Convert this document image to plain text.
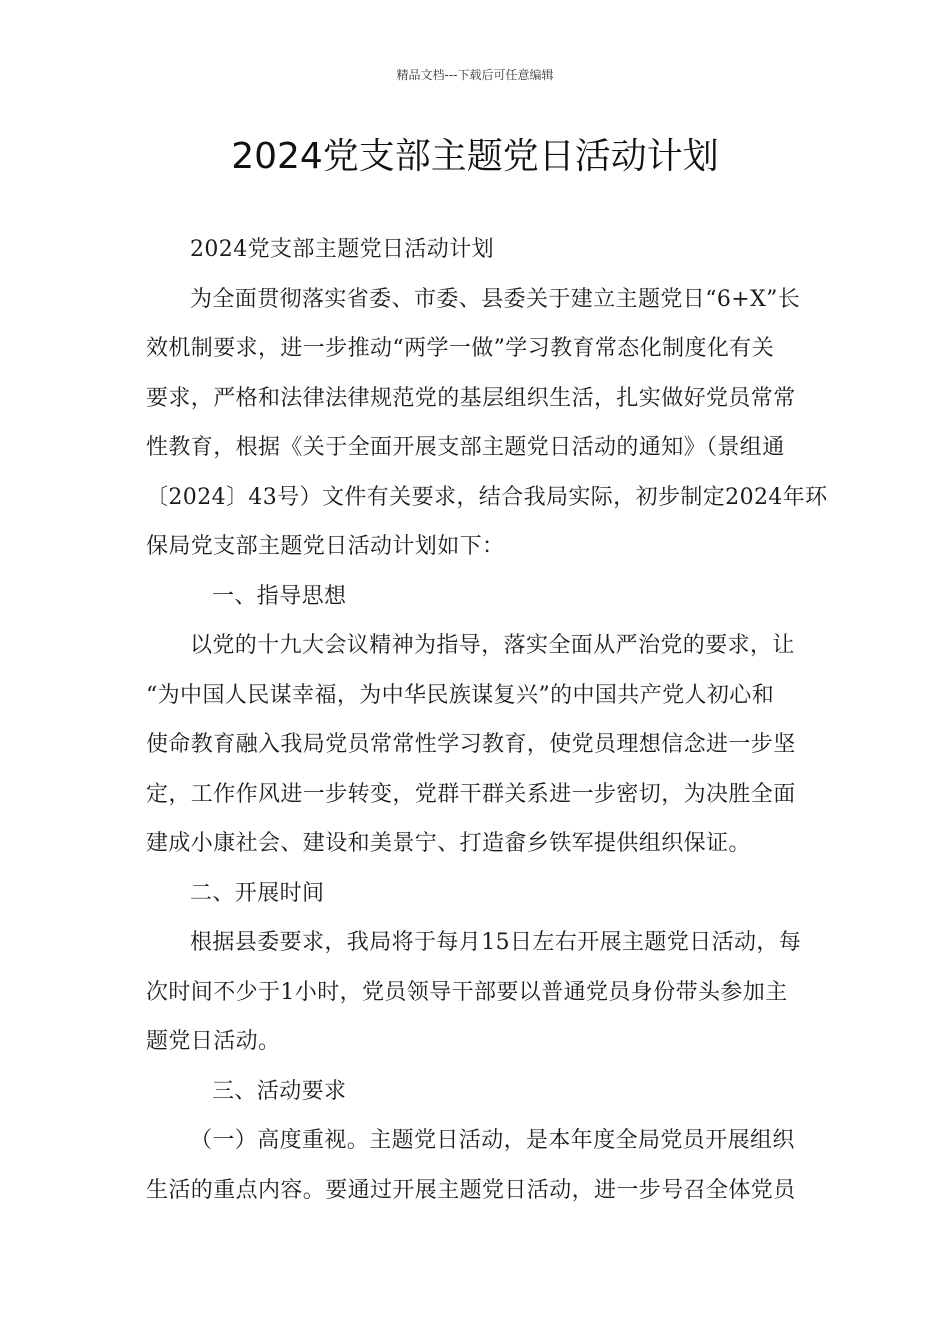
精品文档---下载后可任意编辑
2024党支部主题党日活动计划

2024党支部主题党日活动计划

为全面贯彻落实省委、市委、县委关于建立主题党日“6+X”长

效机制要求，进一步推动“两学一做”学习教育常态化制度化有关

要求，严格和法律法律规范党的基层组织生活，扎实做好党员常常

性教育，根据《关于全面开展支部主题党日活动的通知》（景组通

〔2024〕43号）文件有关要求，结合我局实际，初步制定2024年环

保局党支部主题党日活动计划如下：

一、指导思想

以党的十九大会议精神为指导，落实全面从严治党的要求，让

“为中国人民谋幸福，为中华民族谋复兴”的中国共产党人初心和

使命教育融入我局党员常常性学习教育，使党员理想信念进一步坚

定，工作作风进一步转变，党群干群关系进一步密切，为决胜全面

建成小康社会、建设和美景宁、打造畲乡铁军提供组织保证。

二、开展时间

根据县委要求，我局将于每月15日左右开展主题党日活动，每

次时间不少于1小时，党员领导干部要以普通党员身份带头参加主

题党日活动。

三、活动要求

（一）高度重视。主题党日活动，是本年度全局党员开展组织

生活的重点内容。要通过开展主题党日活动，进一步号召全体党员
